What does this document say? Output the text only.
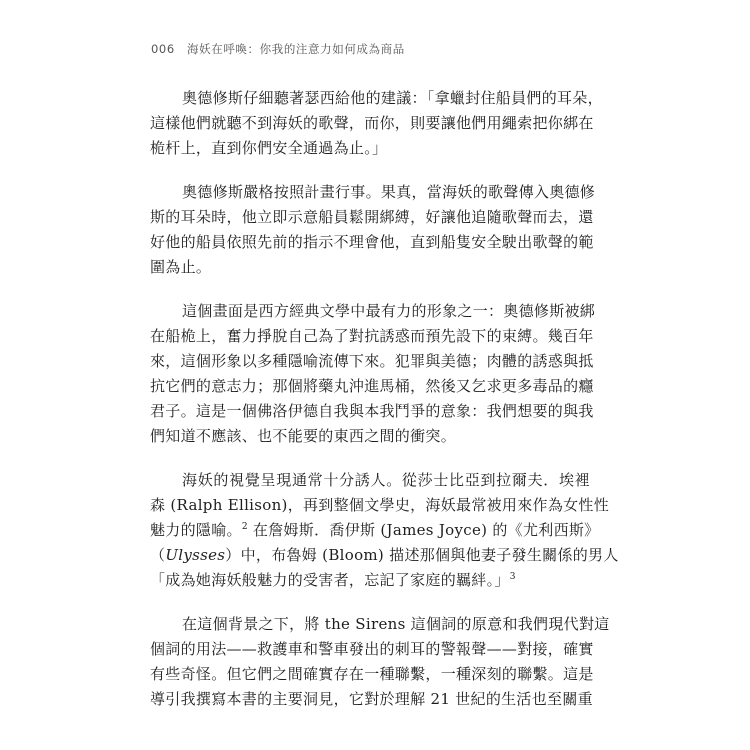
006 海妖在呼喚：你我的注意力如何成為商品
奧德修斯仔細聽著瑟西給他的建議：「拿蠟封住船員們的耳朵，
這樣他們就聽不到海妖的歌聲，而你，則要讓他們用繩索把你綁在
桅杆上，直到你們安全通過為止。」
奧德修斯嚴格按照計畫行事。果真，當海妖的歌聲傳入奧德修
斯的耳朵時，他立即示意船員鬆開綁縛，好讓他追隨歌聲而去，還
好他的船員依照先前的指示不理會他，直到船隻安全駛出歌聲的範
圍為止。
這個畫面是西方經典文學中最有力的形象之一：奧德修斯被綁
在船桅上，奮力掙脫自己為了對抗誘惑而預先設下的束縛。幾百年
來，這個形象以多種隱喻流傳下來。犯罪與美德；肉體的誘惑與抵
抗它們的意志力；那個將藥丸沖進馬桶，然後又乞求更多毒品的癮
君子。這是一個佛洛伊德自我與本我鬥爭的意象：我們想要的與我
們知道不應該、也不能要的東西之間的衝突。
海妖的視覺呈現通常十分誘人。從莎士比亞到拉爾夫．埃裡
森 (Ralph Ellison)，再到整個文學史，海妖最常被用來作為女性性
魅力的隱喻。$^2$ 在詹姆斯．喬伊斯 (James Joyce) 的《尤利西斯》
（Ulysses）中，布魯姆 (Bloom) 描述那個與他妻子發生關係的男人
「成為她海妖般魅力的受害者，忘記了家庭的羈絆。」$^3$
在這個背景之下，將 the Sirens 這個詞的原意和我們現代對這
個詞的用法——救護車和警車發出的刺耳的警報聲——對接，確實
有些奇怪。但它們之間確實存在一種聯繫，一種深刻的聯繫。這是
導引我撰寫本書的主要洞見，它對於理解 21 世紀的生活也至關重
